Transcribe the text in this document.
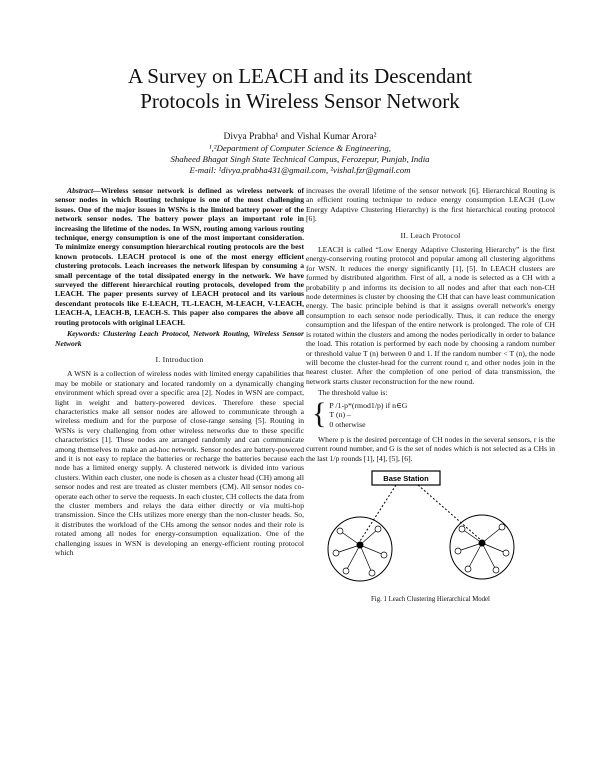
A Survey on LEACH and its Descendant
Protocols in Wireless Sensor Network
Divya Prabha¹ and Vishal Kumar Arora²
¹,²Department of Computer Science & Engineering,
Shaheed Bhagat Singh State Technical Campus, Ferozepur, Punjab, India
E-mail: ¹divya.prabha431@gmail.com, ²vishal.fzr@gmail.com

Abstract—Wireless sensor network is defined as wireless network of sensor nodes in which Routing technique is one of the most challenging issues. One of the major issues in WSNs is the limited battery power of the network sensor nodes. The battery power plays an important role in increasing the lifetime of the nodes. In WSN, routing among various routing technique, energy consumption is one of the most important consideration. To minimize energy consumption hierarchical routing protocols are the best known protocols. LEACH protocol is one of the most energy efficient clustering protocols. Leach increases the network lifespan by consuming a small percentage of the total dissipated energy in the network. We have surveyed the different hierarchical routing protocols, developed from the LEACH. The paper presents survey of LEACH protocol and its various descendant protocols like E-LEACH, TL-LEACH, M-LEACH, V-LEACH, LEACH-A, LEACH-B, LEACH-S. This paper also compares the above all routing protocols with original LEACH.

Keywords: Clustering Leach Protocol, Network Routing, Wireless Sensor Network

I. Introduction

A WSN is a collection of wireless nodes with limited energy capabilities that may be mobile or stationary and located randomly on a dynamically changing environment which spread over a specific area [2]. Nodes in WSN are compact, light in weight and battery-powered devices. Therefore these special characteristics make all sensor nodes are allowed to communicate through a wireless medium and for the purpose of close-range sensing [5]. Routing in WSNs is very challenging from other wireless networks due to these specific characteristics [1]. These nodes are arranged randomly and can communicate among themselves to make an ad-hoc network. Sensor nodes are battery-powered and it is not easy to replace the batteries or recharge the batteries because each node has a limited energy supply. A clustered network is divided into various clusters. Within each cluster, one node is chosen as a cluster head (CH) among all sensor nodes and rest are treated as cluster members (CM). All sensor nodes co-operate each other to serve the requests. In each cluster, CH collects the data from the cluster members and relays the data either directly or via multi-hop transmission. Since the CHs utilizes more energy than the non-cluster heads. So, it distributes the workload of the CHs among the sensor nodes and their role is rotated among all nodes for energy-consumption equalization. One of the challenging issues in WSN is developing an energy-efficient routing protocol which

increases the overall lifetime of the sensor network [6]. Hierarchical Routing is an efficient routing technique to reduce energy consumption LEACH (Low Energy Adaptive Clustering Hierarchy) is the first hierarchical routing protocol [6].

II. Leach Protocol

LEACH is called “Low Energy Adaptive Clustering Hierarchy” is the first energy-conserving routing protocol and popular among all clustering algorithms for WSN. It reduces the energy significantly [1], [5]. In LEACH clusters are formed by distributed algorithm. First of all, a node is selected as a CH with a probability p and informs its decision to all nodes and after that each non-CH node determines is cluster by choosing the CH that can have least communication energy. The basic principle behind is that it assigns overall network's energy consumption to each sensor node periodically. Thus, it can reduce the energy consumption and the lifespan of the entire network is prolonged. The role of CH is rotated within the clusters and among the nodes periodically in order to balance the load. This rotation is performed by each node by choosing a random number or threshold value T (n) between 0 and 1. If the random number < T (n), the node will become the cluster-head for the current round r, and other nodes join in the nearest cluster. After the completion of one period of data transmission, the network starts cluster reconstruction for the new round.

The threshold value is:

{ P /1-p*(rmod1/p) if n∈G
T (n) –
0 otherwise

Where p is the desired percentage of CH nodes in the several sensors, r is the current round number, and G is the set of nodes which is not selected as a CHs in the last 1/p rounds [1], [4], [5], [6].

Base Station
Fig. 1 Leach Clustering Hierarchical Model
